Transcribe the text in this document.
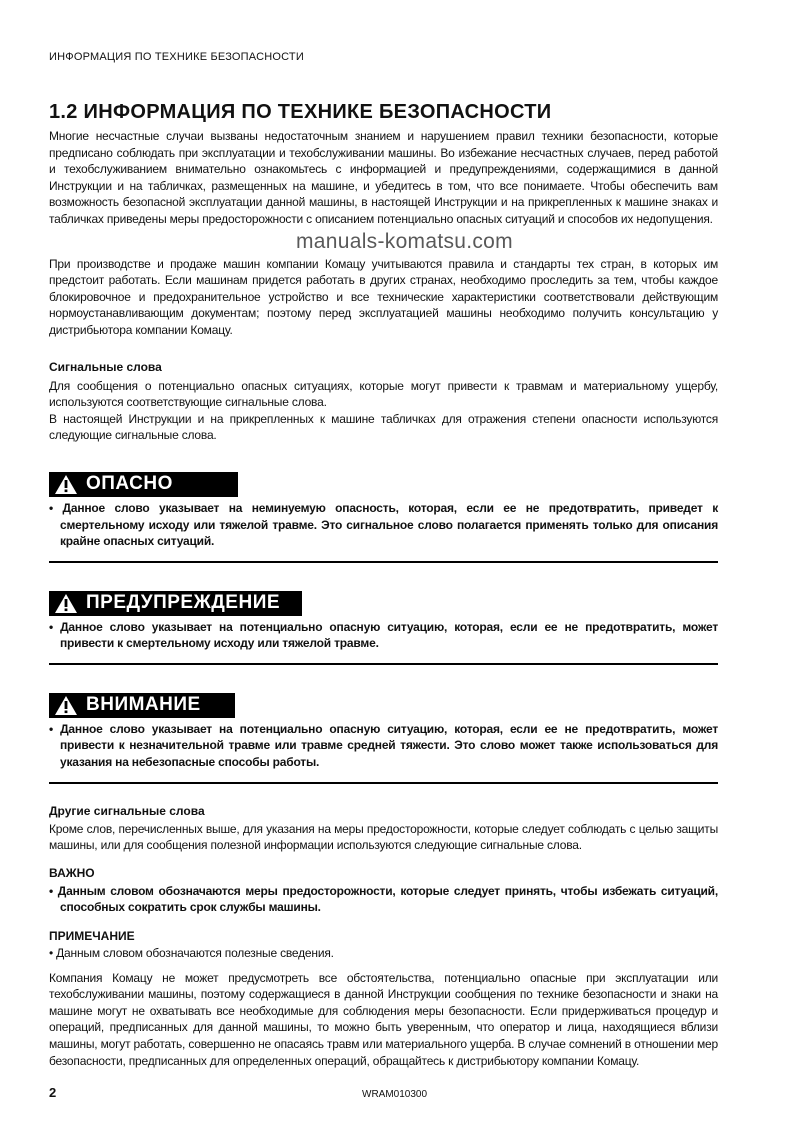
ИНФОРМАЦИЯ ПО ТЕХНИКЕ БЕЗОПАСНОСТИ
1.2 ИНФОРМАЦИЯ ПО ТЕХНИКЕ БЕЗОПАСНОСТИ

Многие несчастные случаи вызваны недостаточным знанием и нарушением правил техники безопасности, которые предписано соблюдать при эксплуатации и техобслуживании машины. Во избежание несчастных случаев, перед работой и техобслуживанием внимательно ознакомьтесь с информацией и предупреждениями, содержащимися в данной Инструкции и на табличках, размещенных на машине, и убедитесь в том, что все понимаете. Чтобы обеспечить вам возможность безопасной эксплуатации данной машины, в настоящей Инструкции и на прикрепленных к машине знаках и табличках приведены меры предосторожности с описанием потенциально опасных ситуаций и способов их недопущения.

manuals-komatsu.com

При производстве и продаже машин компании Комацу учитываются правила и стандарты тех стран, в которых им предстоит работать. Если машинам придется работать в других странах, необходимо проследить за тем, чтобы каждое блокировочное и предохранительное устройство и все технические характеристики соответствовали действующим нормоустанавливающим документам; поэтому перед эксплуатацией машины необходимо получить консультацию у дистрибьютора компании Комацу.

Сигнальные слова

Для сообщения о потенциально опасных ситуациях, которые могут привести к травмам и материальному ущербу, используются соответствующие сигнальные слова.

В настоящей Инструкции и на прикрепленных к машине табличках для отражения степени опасности используются следующие сигнальные слова.

ОПАСНО

• Данное слово указывает на неминуемую опасность, которая, если ее не предотвратить, приведет к смертельному исходу или тяжелой травме. Это сигнальное слово полагается применять только для описания крайне опасных ситуаций.

ПРЕДУПРЕЖДЕНИЕ

• Данное слово указывает на потенциально опасную ситуацию, которая, если ее не предотвратить, может привести к смертельному исходу или тяжелой травме.

ВНИМАНИЕ

• Данное слово указывает на потенциально опасную ситуацию, которая, если ее не предотвратить, может привести к незначительной травме или травме средней тяжести. Это слово может также использоваться для указания на небезопасные способы работы.

Другие сигнальные слова

Кроме слов, перечисленных выше, для указания на меры предосторожности, которые следует соблюдать с целью защиты машины, или для сообщения полезной информации используются следующие сигнальные слова.

ВАЖНО

• Данным словом обозначаются меры предосторожности, которые следует принять, чтобы избежать ситуаций, способных сократить срок службы машины.

ПРИМЕЧАНИЕ

• Данным словом обозначаются полезные сведения.

Компания Комацу не может предусмотреть все обстоятельства, потенциально опасные при эксплуатации или техобслуживании машины, поэтому содержащиеся в данной Инструкции сообщения по технике безопасности и знаки на машине могут не охватывать все необходимые для соблюдения меры безопасности. Если придерживаться процедур и операций, предписанных для данной машины, то можно быть уверенным, что оператор и лица, находящиеся вблизи машины, могут работать, совершенно не опасаясь травм или материального ущерба. В случае сомнений в отношении мер безопасности, предписанных для определенных операций, обращайтесь к дистрибьютору компании Комацу.

2	WRAM010300
